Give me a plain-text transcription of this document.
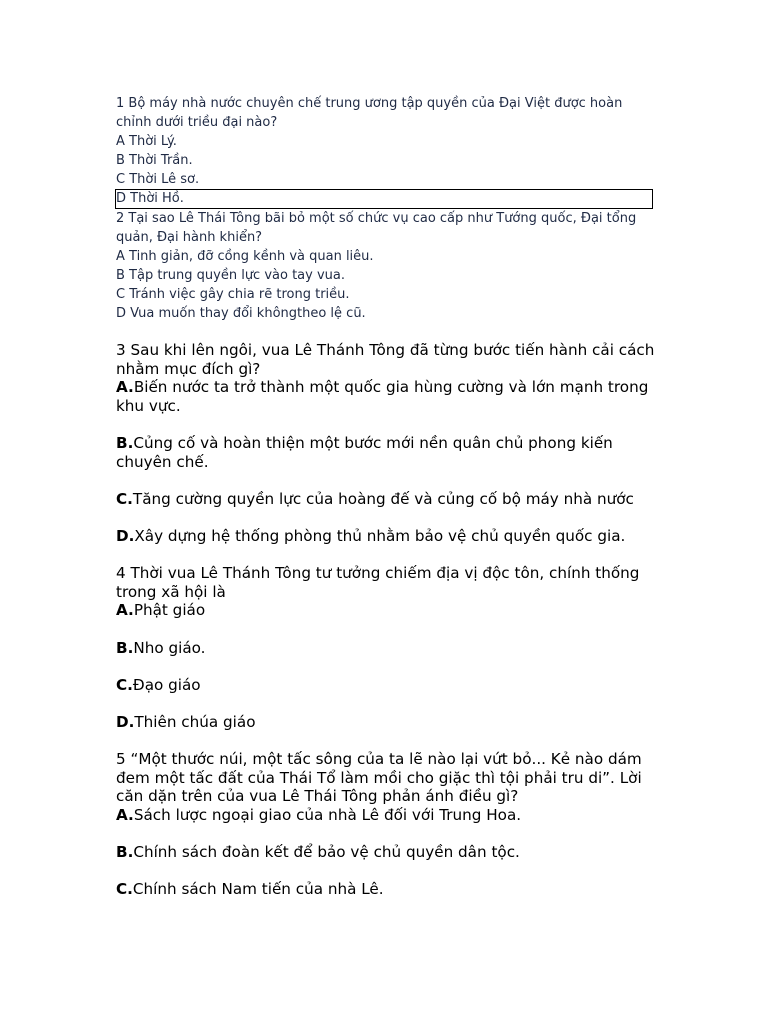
1 Bộ máy nhà nước chuyên chế trung ương tập quyền của Đại Việt được hoàn chỉnh dưới triều đại nào?
A Thời Lý.
B Thời Trần.
C Thời Lê sơ.
D Thời Hồ.
2 Tại sao Lê Thái Tông bãi bỏ một số chức vụ cao cấp như Tướng quốc, Đại tổng quản, Đại hành khiển?
A Tinh giản, đỡ cồng kềnh và quan liêu.
B Tập trung quyền lực vào tay vua.
C Tránh việc gây chia rẽ trong triều.
D Vua muốn thay đổi khôngtheo lệ cũ.
3 Sau khi lên ngôi, vua Lê Thánh Tông đã từng bước tiến hành cải cách nhằm mục đích gì?
A.Biến nước ta trở thành một quốc gia hùng cường và lớn mạnh trong khu vực.
B.Củng cố và hoàn thiện một bước mới nền quân chủ phong kiến chuyên chế.
C.Tăng cường quyền lực của hoàng đế và củng cố bộ máy nhà nước
D.Xây dựng hệ thống phòng thủ nhằm bảo vệ chủ quyền quốc gia.
4 Thời vua Lê Thánh Tông tư tưởng chiếm địa vị độc tôn, chính thống trong xã hội là
A.Phật giáo
B.Nho giáo.
C.Đạo giáo
D.Thiên chúa giáo
5 “Một thước núi, một tấc sông của ta lẽ nào lại vứt bỏ... Kẻ nào dám đem một tấc đất của Thái Tổ làm mồi cho giặc thì tội phải tru di”. Lời căn dặn trên của vua Lê Thái Tông phản ánh điều gì?
A.Sách lược ngoại giao của nhà Lê đối với Trung Hoa.
B.Chính sách đoàn kết để bảo vệ chủ quyền dân tộc.
C.Chính sách Nam tiến của nhà Lê.
